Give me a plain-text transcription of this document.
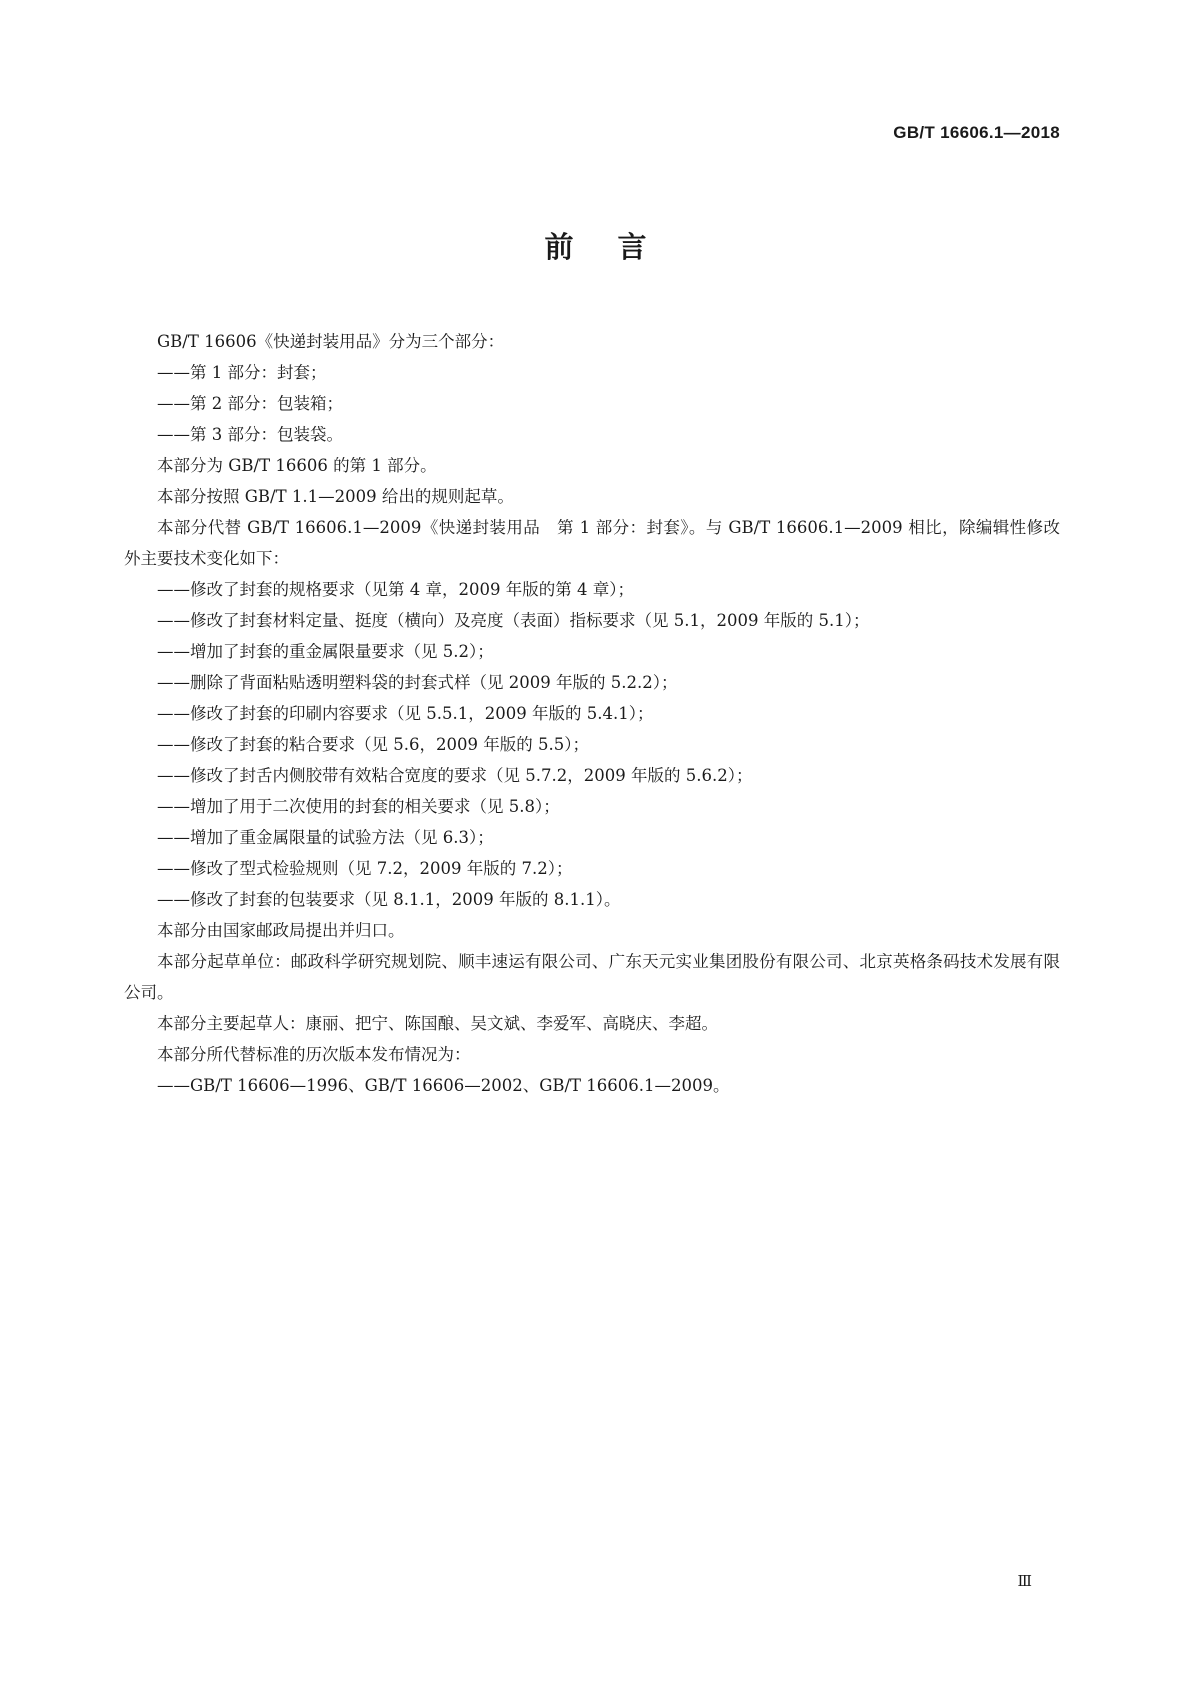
GB/T 16606.1—2018
前言

GB/T 16606《快递封装用品》分为三个部分：

——第 1 部分：封套；

——第 2 部分：包装箱；

——第 3 部分：包装袋。

本部分为 GB/T 16606 的第 1 部分。

本部分按照 GB/T 1.1—2009 给出的规则起草。

本部分代替 GB/T 16606.1—2009《快递封装用品　第 1 部分：封套》。与 GB/T 16606.1—2009 相比，除编辑性修改外主要技术变化如下：

——修改了封套的规格要求（见第 4 章，2009 年版的第 4 章）；

——修改了封套材料定量、挺度（横向）及亮度（表面）指标要求（见 5.1，2009 年版的 5.1）；

——增加了封套的重金属限量要求（见 5.2）；

——删除了背面粘贴透明塑料袋的封套式样（见 2009 年版的 5.2.2）；

——修改了封套的印刷内容要求（见 5.5.1，2009 年版的 5.4.1）；

——修改了封套的粘合要求（见 5.6，2009 年版的 5.5）；

——修改了封舌内侧胶带有效粘合宽度的要求（见 5.7.2，2009 年版的 5.6.2）；

——增加了用于二次使用的封套的相关要求（见 5.8）；

——增加了重金属限量的试验方法（见 6.3）；

——修改了型式检验规则（见 7.2，2009 年版的 7.2）；

——修改了封套的包装要求（见 8.1.1，2009 年版的 8.1.1）。

本部分由国家邮政局提出并归口。

本部分起草单位：邮政科学研究规划院、顺丰速运有限公司、广东天元实业集团股份有限公司、北京英格条码技术发展有限公司。

本部分主要起草人：康丽、把宁、陈国酿、吴文斌、李爱军、高晓庆、李超。

本部分所代替标准的历次版本发布情况为：

——GB/T 16606—1996、GB/T 16606—2002、GB/T 16606.1—2009。

Ⅲ
